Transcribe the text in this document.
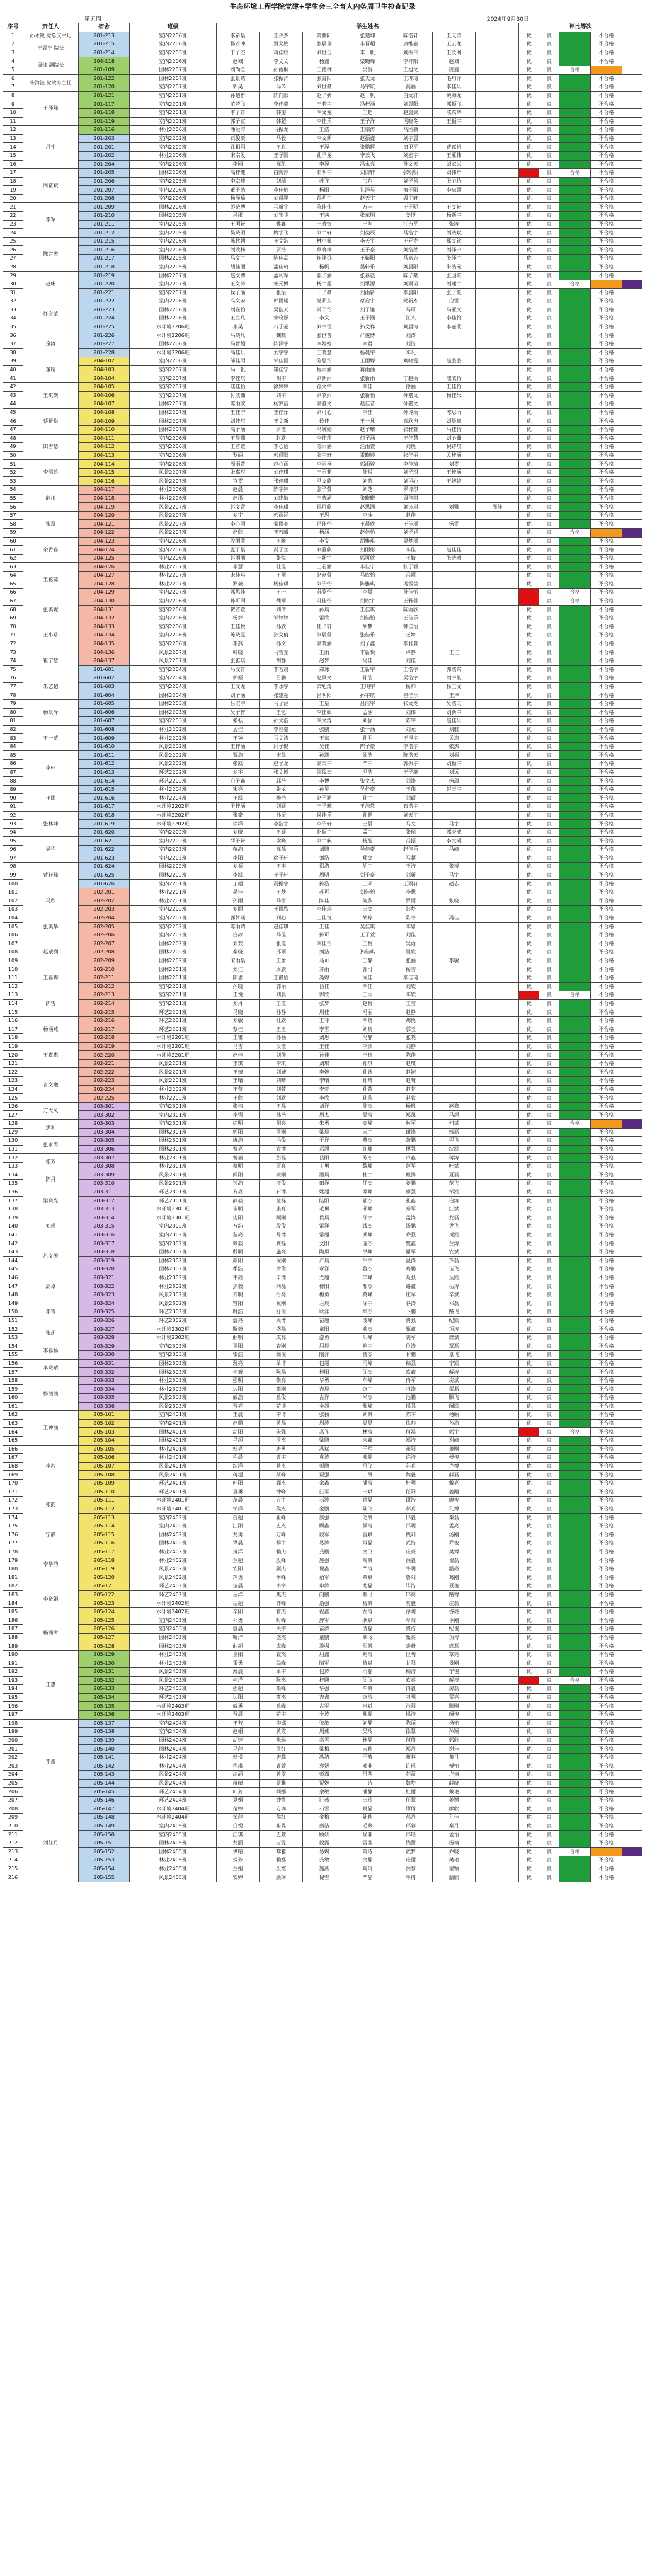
生态环境工程学院党建+学生会三全育人内务周卫生检查记录
第五周	2024年9月30日
序号	责任人	宿舍	班级	学生姓名							评比等次				
1	孙永锐 党总支书记	201-213	室内2206班	李希晨	王少杰	常鹏阳	张建坤	陈浩轩	王天涛		优	良		不合格	
2	王青宁 院长	201-215	室内2206班	杨若冲	贾文胜	张晨瑞	李晋超	康维嘉	王云龙		优	良		不合格	
3		201-214	室内2203班	丁子杰	蒋佳纹	刘世玉	李一帆	刘振伟	王汝阁		优	良		不合格	
4	周炜 副院长	204-118	室内2206班	赵城	李文文	杨鑫	梁晓峰	李梓阳	赵城		优	良		不合格	
5		201-109	园林2207班	刘尚全	孙雨桐	王德林	吴俊	王旭文	庞盛		优	良	合格		
6	朱海波 党政办主任	201-122	园林2207班	张景皓	张振洋	张青阳	张天龙	王珅琦	毛均洋		优	良		不合格	
7		201-120	室内2207班	郭昊	冯芮	刘世豪	马宇航	高涵	李佳乐		优	良		不合格	
8	王泽峰	201-121	室内2201班	孙超群	陈向阳	赵子妍	赵一帆	白文轩	姚海龙		优	良		不合格	
9		201-117	室内2201班	范若飞	李佳豪	王若宇	冯梓涵	刘晨阳	郭振飞		优	良		不合格	
10		201-118	室内2201班	李子轩	韩雯	李文龙	王超	赵晨武	成东辉		优	良		不合格	
11		201-119	室内2201班	郭子宣	韩超	李佳乐	王子洋	冯晓冬	王振宇		优	良		不合格	
12	吕宁	201-116	林业2206班	潘运涛	马振龙	王浩	王宗涛	马国骥			优	良		不合格	
13		201-203	室内2202班	石俊豪	马毅	李文新	赵振鑫	刘宇晨			优	良		不合格	
14		201-201	室内2202班	孔相阳	王彪	王泽	张鹏辉	田卫平	曹嘉裕		优	良		不合格	
15		201-202	林业2206班	宋宗发	王子阳	孔子龙	李云飞	刘宏宇	王亚伟		优	良		不合格	
16		201-204	室内2206班	李园	高凯	李泽	冯永亮	孙文天	刘家兴		优	良		不合格	
17	周蛮斌	201-205	园林2206班	高梓健	白陶萍	石明宇	刘博轩	张明明	刘伟舟			良	合格	不合格	
18		201-206	室内2205班	李宗琦	刘瑞	苏飞	韦东	刘子易	张心怡		优	良		不合格	
19		201-207	室内2206班	董子皓	李佳怡	杨阳	孔泽昊	梅子阳	李忠超		优	良		不合格	
20		201-208	室内2206班	杨泽瑜	刘晨鹏	孙明宇	赵天宇	温宇轩			优	良		不合格	
21	李军	201-209	园林2206班	彭晓博	马新宇	陈佳伟	方丰	王子明	王文轩		优	良		不合格	
22		201-210	园林2205班	吕彤	刘宝华	王茜	张东明	姜博	杨新宇		优	良		不合格	
23		201-211	室内2205班	王国轩	姚鑫	王晓钰	王刚	江吉平	张涛		优	良		不合格	
24		201-212	室内2205班	吴晓明	梅宇飞	刘宇轩	刘奕辰	马浩宇	刘晓斌		优	良		不合格	
25	陈言涛	201-215	室内2206班	陈代朝	王文浩	林小蒙	李天宇	王元龙	郑文钦		优	良		不合格	
26		201-216	室内2206班	刘欣杨	贾浩	蔡晓楠	王子豪	刘浩然	刘泽宁		优	良		不合格	
27		201-217	园林2205班	马文宇	陈佳品	崔泽远	王紫阳	马嘉志	张泽宇		优	良		不合格	
28		201-218	室内2205班	胡佳丽	孟佳琦	杨帆	吴轩乐	刘晨阳	朱浩元		优	良		不合格	
29	赵晰	201-219	园林2207班	赵文博	孟利军	郭子涵	张春毅	陈子豪	张国东		优	良		不合格	
30		201-220	室内2207班	王文涛	宋元博	杨宇超	刘思源	刘雨诺	刘建宇		优	良	合格		
31		201-221	室内2207班	侯子涵	张振	于子豪	刘雨新	李晨阳	张子豪		优	良		不合格	
32	任会荣	201-222	室内2206班	冯文安	郭雨诺	党明东	蔡启宇	党新杰	白雪		优	良		不合格	
33		201-223	园林2206班	刘嘉怡	吴浩天	常子怡	刘子谦	马可	马亚文		优	良		不合格	
34		201-224	园林2206班	王立凡	宋晓彤	李文	王子涵	江杰	李佳怡		优	良		不合格	
35		201-225	水环境2206班	李昊	石子豪	刘宇恒	孙文祥	刘晨涛	李嘉欣		优	良		不合格	
36	金涛	201-226	水环境2206班	马晓凡	魏晓	张世普	严俊博	刘涛			优	良		不合格	
37		201-227	园林2206班	马智超	陈泽宇	李婷婷	李君	刘浩			优	良		不合格	
38		201-228	水环境2206班	高佳乐	刘宇宇	王晓慧	杨晨宇	李凡			优	良		不合格	
39	董晴	204-102	室内2206班	邹佳雨	邹佳圆	陈思怡	王雨婷	刘晓雯	赵芸芸		优	良		不合格	
40		204-103	室内2207班	马一帆	崔佳宁	程雨涵	蒋雨涵				优	良		不合格	
41		204-104	室内2207班	李佳琪	胡宇	刘新雨	张新雨	丁赵雨	陆欣怡		优	良		不合格	
42	王琪瑛	204-105	室内2207班	陆佳怡	徐婷婷	孙文宇	李佳	徐涵	王佳怡		优	良		不合格	
43		204-106	室内2207班	付欣茹	刘宇	刘欣雨	张新怡	孙嘉文	杨佳乐		优	良		不合格	
44		204-107	园林2207班	陈雨欣	杨梦洁	高雅文	赵佳音	孙嘉文			优	良		不合格	
45	蔡新悦	204-108	园林2207班	王佳宁	王佳乐	刘可心	李佳	孙诗雨	陈思雨		优	良		不合格	
46		204-109	园林2207班	刘佳琪	王文新	侯佳	王一凡	高欣冉	刘晨曦		优	良		不合格	
47		204-110	园林2207班	高子涵	罗佳	马婉婷	赵子晴	张雅萱	马佳怡		优	良		不合格	
48	田雪慧	204-111	室内2206班	王晨瑞	赵欣	李佳琦	何子涵	王佳慧	刘心茹		优	良		不合格	
49		204-112	室内2206班	王若萱	李心怡	陈雨涵	汪雨萱	刘悦	倪诗琪		优	良		不合格	
50		204-113	室内2206班	罗丽	郭晨阳	张宇轩	雷晓婷	张佳丽	孟梓涵		优	良		不合格	
51	李韶晗	204-114	室内2206班	周雨萱	赵心雨	李雨桐	郭雨婷	李佳琦	刘雯		优	良		不合格	
52		204-115	风景2207班	张嘉琪	刘佳琪	王雨菲	陈悦	刘子琪	王梓涵		优	良		不合格	
53		204-116	风景2207班	宫雯	张佳琪	马文欣	刘芳	刘可心	王婉婷		优	良		不合格	
54	薛川	204-117	林业2206班	赵晨	陈宇婷	张子萱	刘芝	罗诗琪			优	良		不合格	
55		204-118	林业2206班	赵彤	刘晓敏	王晓涵	张晓晓	周佳琪			优	良		不合格	
56		204-119	风景2207班	赵文萱	李佳琪	孙可欣	赵思涵	刘诗琪	刘馨	周佳	优	良		不合格	
57	张慧	204-120	风景2207班	刘宇	郭雨涵	王思	李冰	赵佳			优	良		不合格	
58		204-121	风景2207班	李心雨	秦雨菲	吕佳怡	王晨欣	王佳瑶	杨雯		优	良		不合格	
59		204-122	风景2207班	赵欣	王若曦	杨涵	赵佳怡	刘子涵			优	良	合格		
60	余青春	204-123	室内2206班	段雨欣	王晓	李文	胡雅琪	吴梦瑶			优	良		不合格	
61		204-124	室内2206班	孟子晨	冯子萱	刘雅欣	刘雨彤	李佳	赵佳佳		优	良		不合格	
62		204-125	室内2206班	赵雨涵	张悦	王新宇	郭可欣	王婧	张晓晴		优	良		不合格	
63	王花蕊	204-126	林业2207班	李慧	杜佳	王若涵	李佳宁	张子涵			优	良		不合格	
64		204-127	林业2207班	宋佳琪	王雨	赵嘉萱	马欣怡	冯雨			优	良		不合格	
65		204-128	林业2207班	罗毅	杨佳琪	刘子怡	陈雅琪	冯雪莹			优	良		不合格	
66		204-129	室内2207班	郭思佳	王一	苏欣怡	李晨	孙佳怡				良	合格	不合格	
67	张美妮	204-130	室内2206班	孙可雨	魏雨	冯佳怡	刘欣宇	王雅萱				良	合格	不合格	
68		204-131	室内2206班	贺若萱	刘倩	孙晨	王佳琪	陈雨欣			优	良		不合格	
69		204-132	室内2206班	杨梦	邹婷婷	雷欣	刘佳怡	王佳乐			优	良		不合格	
70	王小路	204-133	室内2206班	王佳悦	孙欣	任子轩	胡梦	韩佳怡			优	良		不合格	
71		204-134	室内2206班	陈晓雯	孙文倩	刘晨萱	张佳乐	王婷			优	良		不合格	
72		204-135	室内2206班	李燕	孙文	高晓涵	刘子鑫	李雅萱			优	良		不合格	
73	崔宁慧	204-136	风景2207班	韩晓	马雪莹	王雨	李新悦	卢静	王佳		优	良		不合格	
74		204-137	风景2207班	张雅琪	胡静	赵梦	马佳	刘佳			优	良		不合格	
75		201-601	室内2204班	马文轩	李若晨	郝冰	王新宇	王浩宇	郭浩东		优	良		不合格	
76	朱艺超	201-602	室内2204班	郭振	吕鹏	赵景文	孙浩	吴浩宇	刘宇航		优	良		不合格	
77		201-603	室内2204班	王文龙	李永宇	梁旭涛	王明宇	杨帅	杨玉文		优	良		不合格	
78		201-604	园林2204班	刘子涵	张建超	吕明阳	孙宇航	崔佳乐	王泽		优	良		不合格	
79	杨凯泽	201-605	园林2203班	吕宏宇	马子涵	王星	吕浩宇	张文龙	吴浩天		优	良		不合格	
80		201-606	园林2203班	吴子轩	王忆	李佳硕	孟涵	刘伟	刘新宇		优	良		不合格	
81		201-607	室内2203班	张弘	孙文浩	李文涛	刘强	陈宇	赵佳乐		优	良		不合格	
82	王一蒙	201-608	林业2202班	孟佳	李世豪	张鹏	张一涵	刘元	刘航		优	良		不合格	
83		201-609	林业2202班	王钟	马文涛	王东	孙明	王泽宇	孟浩		优	良		不合格	
84		201-610	风景2202班	王梓涵	闫子健	吴佳	陈子豪	李浩宇	张杰		优	良		不合格	
85	李轩	201-611	风景2202班	贾浩	宋晨	孙凯	邵浩	陈浩天	刘振		优	良		不合格	
86		201-612	风景2202班	张凯	赵子龙	高天宇	严宇	郭振宇	刘振宇		优	良		不合格	
87		201-613	环艺2202班	刘宇	张文博	邵俊杰	冯浩	王子豪	刘远		优	良		不合格	
88		201-614	环艺2202班	白子鑫	郭浩	李博	张文杰	刘涛	杨瑞		优	良		不合格	
89	王雨	201-615	林业2204班	宋亮	张龙	孙昊	吴佳豪	王伟	赵天宇		优	良		不合格	
90		201-616	林业2204班	王凯	杨浩	赵子涵	孙宇	刘硕			优	良		不合格	
91		201-617	水环境2202班	于梓涵	刘硕	王子航	王浩然	石浩宇			优	良		不合格	
92	张林坤	201-618	水环境2202班	张豪	孙振	侯佳乐	孙鹏	刘天宇			优	良		不合格	
93		201-619	水环境2202班	徐洋	李浩宇	李子轩	王晨	马文	马宇		优	良		不合格	
94		201-620	室内2202班	刘晓	王硕	赵振宇	孟宇	张瑞	郭天成		优	良		不合格	
95	吴程	201-621	室内2202班	薛子轩	梁晓	刘宇航	杨旭	冯振	李文硕		优	良		不合格	
96		201-622	室内2203班	蒋浩	高磊	刘鹏	吴佳豪	赵佳乐	马峰		优	良		不合格	
97		201-623	室内2203班	李阳	徐子轩	刘浩	郑文	马超			优	良		不合格	
98	曹轩峰	201-624	园林2202班	刘振	王丰	郑浩	胡宇	王浩	张博		优	良		不合格	
99		201-625	园林2202班	李凯	王子轩	周明	刘子豪	刘新	马宇		优	良		不合格	
100		201-626	室内2201班	王超	冯振宇	孙浩	王硕	王雨轩	赵志		优	良		不合格	
101	马欣	202-201	林业2201班	吴佳	王梦	苏可	刘佳怡	李想			优	良		不合格	
102		202-202	林业2201班	孙雨	马雪	陈佳	何欣	罗雨	张晓		优	良		不合格	
103		202-203	室内2202班	刘丽	王雨欣	李佳琪	田文	韩梦			优	良		不合格	
104	张美华	202-204	室内2202班	郭梦瑶	刘心	王佳悦	胡婷	陈宇	冯佳		优	良		不合格	
105		202-205	室内2202班	陈雨晴	赵佳琪	王佳	吴佳琪	李思			优	良		不合格	
106		202-206	室内2202班	白冰	马佳	孙可	王子萱	刘佳			优	良		不合格	
107	赵蒙利	202-207	园林2202班	刘欢	张佳	李佳怡	王悦	吴雨			优	良		不合格	
108		202-208	园林2202班	秦晓	邱雨	刘洁	孙佳琪	吴欣			优	良		不合格	
109		202-209	园林2202班	宋雨晨	王蕾	马可	王静	张涵	李敏		优	良		不合格	
110	王春梅	202-210	园林2201班	刘佳	周欣	苏雨	郭可	杨雪			优	良		不合格	
111		202-211	园林2201班	陈思	王静怡	冯婷	周佳	李佳琦			优	良		不合格	
112		202-212	室内2201班	孙晓	郭丽	吕佳	李佳	刘欣			优	良		不合格	
113	陈雪	202-213	室内2201班	王悦	刘晨	郭欣	王雨	李欣				良	合格	不合格	
114		202-214	室内2201班	刘丹	王佳	张梦	赵悦	王雪			优	良		不合格	
115		202-215	环艺2201班	马晓	孙静	周佳	冯丽	赵静			优	良		不合格	
116	杨涵燕	202-216	环艺2201班	刘敏	杜欣	王菲	李晓	胡悦			优	良		不合格	
117		202-217	环艺2201班	蔡佳	王玉	李雪	刘晓	郭玉			优	良		不合格	
118		202-218	水环境2201班	王雅	孙涵	刘思	冯静	张晓			优	良		不合格	
119	王嘉惠	202-219	水环境2201班	马雪	吴佳	王佳	李欣	刘静			优	良		不合格	
120		202-220	水环境2201班	赵佳	刘佳	孙佳	王晓	陈佳			优	良		不合格	
121		202-221	风景2201班	王琪	李琪	刘琪	孙琪	赵琪			优	良		不合格	
122	言文曦	202-222	风景2201班	王婉	刘婉	李婉	孙婉	赵婉			优	良		不合格	
123		202-223	风景2201班	王晴	刘晴	李晴	孙晴	赵晴			优	良		不合格	
124		202-224	林业2202班	王萱	刘萱	李萱	孙萱	赵萱			优	良		不合格	
125		202-225	林业2202班	王欣	刘欣	李欣	孙欣	赵欣			优	良		不合格	
126	方大风	203-301	室内2301班	张伟	王磊	刘洋	陈杰	杨帆	赵鑫		优	良		不合格	
127		203-302	室内2301班	李强	孙浩	周杰	吴涛	郑凯	马超		优	良		不合格	
128	焦利	203-303	室内2301班	徐明	胡亮	朱勇	高峰	林军	何斌		优	良	合格		
129		203-304	园林2301班	郭阳	罗刚	梁晨	宋宇	谢涛	韩磊		优	良		不合格	
130	张永涛	203-305	园林2301班	唐浩	冯俊	于洋	董杰	萧鹏	程飞		优	良		不合格	
131		203-306	园林2301班	曹亮	袁博	邓超	许峰	傅强	沈凯		优	良		不合格	
132	张芳	203-307	林业2301班	曾毅	彭磊	吕阳	苏杰	卢鑫	蒋涛		优	良		不合格	
133		203-308	林业2301班	蔡明	贾亮	丁勇	魏峰	薛军	叶斌		优	良		不合格	
134	陈丹	203-309	风景2301班	阎阳	余刚	潘晨	杜宇	戴涛	夏磊		优	良		不合格	
135		203-310	风景2301班	钟浩	汪俊	田洋	任杰	姜鹏	范飞		优	良		不合格	
136	梁晓光	203-311	环艺2301班	方亮	石博	姚超	谭峰	廖强	邹凯		优	良		不合格	
137		203-312	环艺2301班	熊毅	金磊	陆阳	郝杰	孔鑫	白涛		优	良		不合格	
138		203-313	水环境2301班	崔明	康亮	毛勇	邱峰	秦军	江斌		优	良		不合格	
139	刘瑾	203-314	水环境2301班	史阳	顾刚	侯晨	邵宇	孟涛	龙磊		优	良		不合格	
140		203-315	室内2302班	万浩	段俊	雷洋	钱杰	汤鹏	尹飞		优	良		不合格	
141		203-316	室内2302班	黎亮	易博	常超	武峰	乔强	贺凯		优	良		不合格	
142	吕文涛	203-317	室内2302班	赖毅	龚磊	文阳	庞杰	樊鑫	兰涛		优	良		不合格	
143		203-318	园林2302班	殷明	施亮	陶勇	洪峰	翟军	安斌		优	良		不合格	
144		203-319	园林2302班	颜阳	倪刚	严晨	牛宇	温涛	芦磊		优	良		不合格	
145		203-320	园林2302班	季浩	俞俊	章洋	鲁杰	葛鹏	伍飞		优	良		不合格	
146	高卓	203-321	林业2302班	韦亮	申博	尤超	毕峰	聂强	丛凯		优	良		不合格	
147		203-322	林业2302班	焦毅	向磊	柳阳	邢杰	路鑫	岳涛		优	良		不合格	
148		203-323	风景2302班	齐明	沿亮	梅勇	莫峰	庄军	辛斌		优	良		不合格	
149	李宵	203-324	风景2302班	管阳	祝刚	左晨	涂宇	谷涛	祁磊		优	良		不合格	
150		203-325	环艺2302班	时浩	舒俊	耿洋	牟杰	卜鹏	路飞		优	良		不合格	
151		203-326	环艺2302班	詹亮	关博	苗超	凌峰	费强	纪凯		优	良		不合格	
152	张玥	203-327	水环境2302班	靳毅	盛磊	童阳	欧杰	甄鑫	项涛		优	良		不合格	
153		203-328	水环境2302班	曲明	成亮	游勇	阳峰	裴军	席斌		优	良		不合格	
154	李春杨	203-329	室内2303班	卫阳	查刚	屈晨	鲍宇	位涛	覃磊		优	良		不合格	
155		203-330	室内2303班	霍浩	翁俊	隋洋	植杰	甘鹏	景飞		优	良		不合格	
156	李晓晴	203-331	园林2303班	薄亮	单博	包超	司峰	柏强	宁凯		优	良		不合格	
157		203-332	园林2303班	柯毅	阮磊	桂阳	闵杰	欧鑫	解涛		优	良		不合格	
158	杨涵涵	203-333	林业2303班	强明	柴亮	华勇	车峰	冉军	房斌		优	良		不合格	
159		203-334	林业2303班	边阳	辜刚	吉晨	饶宇	刁涛	瞿磊		优	良		不合格	
160		203-335	风景2303班	戚浩	丘俊	古洋	米杰	池鹏	滕飞		优	良		不合格	
161		203-336	风景2303班	晋亮	苟博	全超	郗峰	揭强	阚凯		优	良		不合格	
162	王钟涵	205-101	室内2401班	王晨	李博	张扬	刘凯	陈宇	杨硕		优	良		不合格	
163		205-102	室内2401班	赵鹏	黄磊	周涛	吴昊	徐帅	孙浩		优	良		不合格	
164		205-103	园林2401班	胡阳	朱强	高飞	林涛	何磊	郭宇			良	合格	不合格	
165		205-104	园林2401班	马超	罗杰	梁鹏	宋鑫	郑浩	谢峰		优	良		不合格	
166	李茜	205-105	林业2401班	韩亮	唐勇	冯斌	于军	董阳	萧刚		优	良		不合格	
167		205-106	林业2401班	程晨	曹宇	袁涛	邓磊	许浩	傅俊		优	良		不合格	
168		205-107	风景2401班	沈洋	曾杰	彭鹏	吕飞	苏亮	卢博		优	良		不合格	
169		205-108	风景2401班	蒋超	蔡峰	贾强	丁凯	魏毅	薛磊		优	良		不合格	
170		205-109	环艺2401班	叶阳	阎杰	余鑫	潘涛	杜明	戴亮		优	良		不合格	
171	张韵	205-110	环艺2401班	夏勇	钟峰	汪军	田斌	任阳	姜刚		优	良		不合格	
172		205-111	水环境2401班	范晨	方宇	石涛	姚磊	谭浩	廖俊		优	良		不合格	
173		205-112	水环境2401班	邹洋	熊杰	金鹏	陆飞	郝亮	孔博		优	良		不合格	
174		205-113	室内2402班	白超	崔峰	康强	毛凯	邱毅	秦磊		优	良		不合格	
175	宁静	205-114	室内2402班	江阳	史杰	顾鑫	侯涛	邵明	孟亮		优	良		不合格	
176		205-115	园林2402班	龙勇	万峰	段军	雷斌	钱阳	汤刚		优	良		不合格	
177		205-116	园林2402班	尹晨	黎宇	易涛	常磊	武浩	乔俊		优	良		不合格	
178	李华韵	205-117	林业2402班	贺洋	赖杰	龚鹏	文飞	庞亮	樊博		优	良		不合格	
179		205-118	林业2402班	兰超	殷峰	施强	陶凯	洪毅	翟磊		优	良		不合格	
180		205-119	风景2402班	安阳	颜杰	倪鑫	严涛	牛明	温亮		优	良		不合格	
181		205-120	风景2402班	芦勇	季峰	俞军	章斌	鲁阳	葛刚		优	良		不合格	
182	李晓娟	205-121	环艺2402班	伍晨	韦宇	申涛	尤磊	毕浩	聂俊		优	良		不合格	
183		205-122	环艺2402班	丛洋	焦杰	向鹏	柳飞	邢亮	路博		优	良		不合格	
184		205-123	水环境2402班	岳超	齐峰	沿强	梅凯	莫毅	庄磊		优	良		不合格	
185		205-124	水环境2402班	辛阳	管杰	祝鑫	左涛	涂明	谷亮		优	良		不合格	
186	杨涵雪	205-125	室内2403班	祁勇	时峰	舒军	耿斌	牟阳	卜刚		优	良		不合格	
187		205-126	室内2403班	詹晨	关宇	苗涛	凌磊	费浩	纪俊		优	良		不合格	
188		205-127	园林2403班	靳洋	盛杰	童鹏	欧飞	甄亮	项博		优	良		不合格	
189		205-128	园林2403班	曲超	成峰	游强	阳凯	裴毅	席磊		优	良		不合格	
190	王惠	205-129	林业2403班	卫阳	查杰	屈鑫	鲍涛	位明	覃亮		优	良		不合格	
191		205-130	林业2403班	霍勇	翁峰	隋军	植斌	甘阳	景刚		优	良		不合格	
192		205-131	风景2403班	薄晨	单宇	包涛	司磊	柏浩	宁俊		优	良		不合格	
193		205-132	风景2403班	柯洋	阮杰	桂鹏	闵飞	欧亮	解博			良	合格	不合格	
194		205-133	环艺2403班	强超	柴峰	华强	车凯	冉毅	房磊		优	良		不合格	
195		205-134	环艺2403班	边阳	辜杰	吉鑫	饶涛	刁明	瞿亮		优	良		不合格	
196		205-135	水环境2403班	戚勇	丘峰	古军	米斌	池阳	滕刚		优	良		不合格	
197		205-136	水环境2403班	晋晨	苟宇	全涛	郗磊	揭浩	阚俊		优	良		不合格	
198	李鑫	205-137	室内2404班	王芳	李娜	张敏	刘静	陈丽	杨艳		优	良		不合格	
199		205-138	室内2404班	赵娟	黄霞	周燕	吴玲	徐慧	孙颖		优	良		不合格	
200		205-139	园林2404班	胡婷	朱琳	高雪	林晶	何倩	郭欣		优	良		不合格	
201		205-140	园林2404班	马萍	罗红	梁梅	宋莉	郑丹	谢佳		优	良		不合格	
202		205-141	林业2404班	韩悦	唐璐	冯洁	于薇	董蓉	萧月		优	良		不合格	
203		205-142	林业2404班	程琪	曹萱	袁妍	邓菲	许瑶	傅怡		优	良		不合格	
204		205-143	风景2404班	沈涵	曾雯	彭露	吕茜	苏蕾	卢楠		优	良		不合格	
205		205-144	风景2404班	蒋晴	蔡雅	贾婉	丁诗	魏梦	薛晓		优	良		不合格	
206		205-145	环艺2404班	叶芳	阎娜	余敏	潘静	杜丽	戴艳		优	良		不合格	
207		205-146	环艺2404班	夏娟	钟霞	汪燕	田玲	任慧	姜颖		优	良		不合格	
208	刘任月	205-147	水环境2404班	范婷	方琳	石雪	姚晶	谭倩	廖欣		优	良		不合格	
209		205-148	水环境2404班	邹萍	熊红	金梅	陆莉	郝丹	孔佳		优	良		不合格	
210		205-149	室内2405班	白悦	崔璐	康洁	毛薇	邱蓉	秦月		优	良		不合格	
211		205-150	室内2405班	江琪	史萱	顾妍	侯菲	邵瑶	孟怡		优	良		不合格	
212		205-151	园林2405班	龙涵	万雯	段露	雷茜	钱蕾	汤楠		优	良		不合格	
213		205-152	园林2405班	尹晴	黎雅	易婉	常诗	武梦	乔晓		优	良	合格		
214		205-153	林业2405班	贺芳	赖娜	龚敏	文静	庞丽	樊艳		优	良		不合格	
215		205-154	林业2405班	兰娟	殷霞	施燕	陶玲	洪慧	翟颖		优	良		不合格	
216		205-155	风景2405班	安婷	颜琳	倪雪	严晶	牛倩	温欣		优	良		不合格	
